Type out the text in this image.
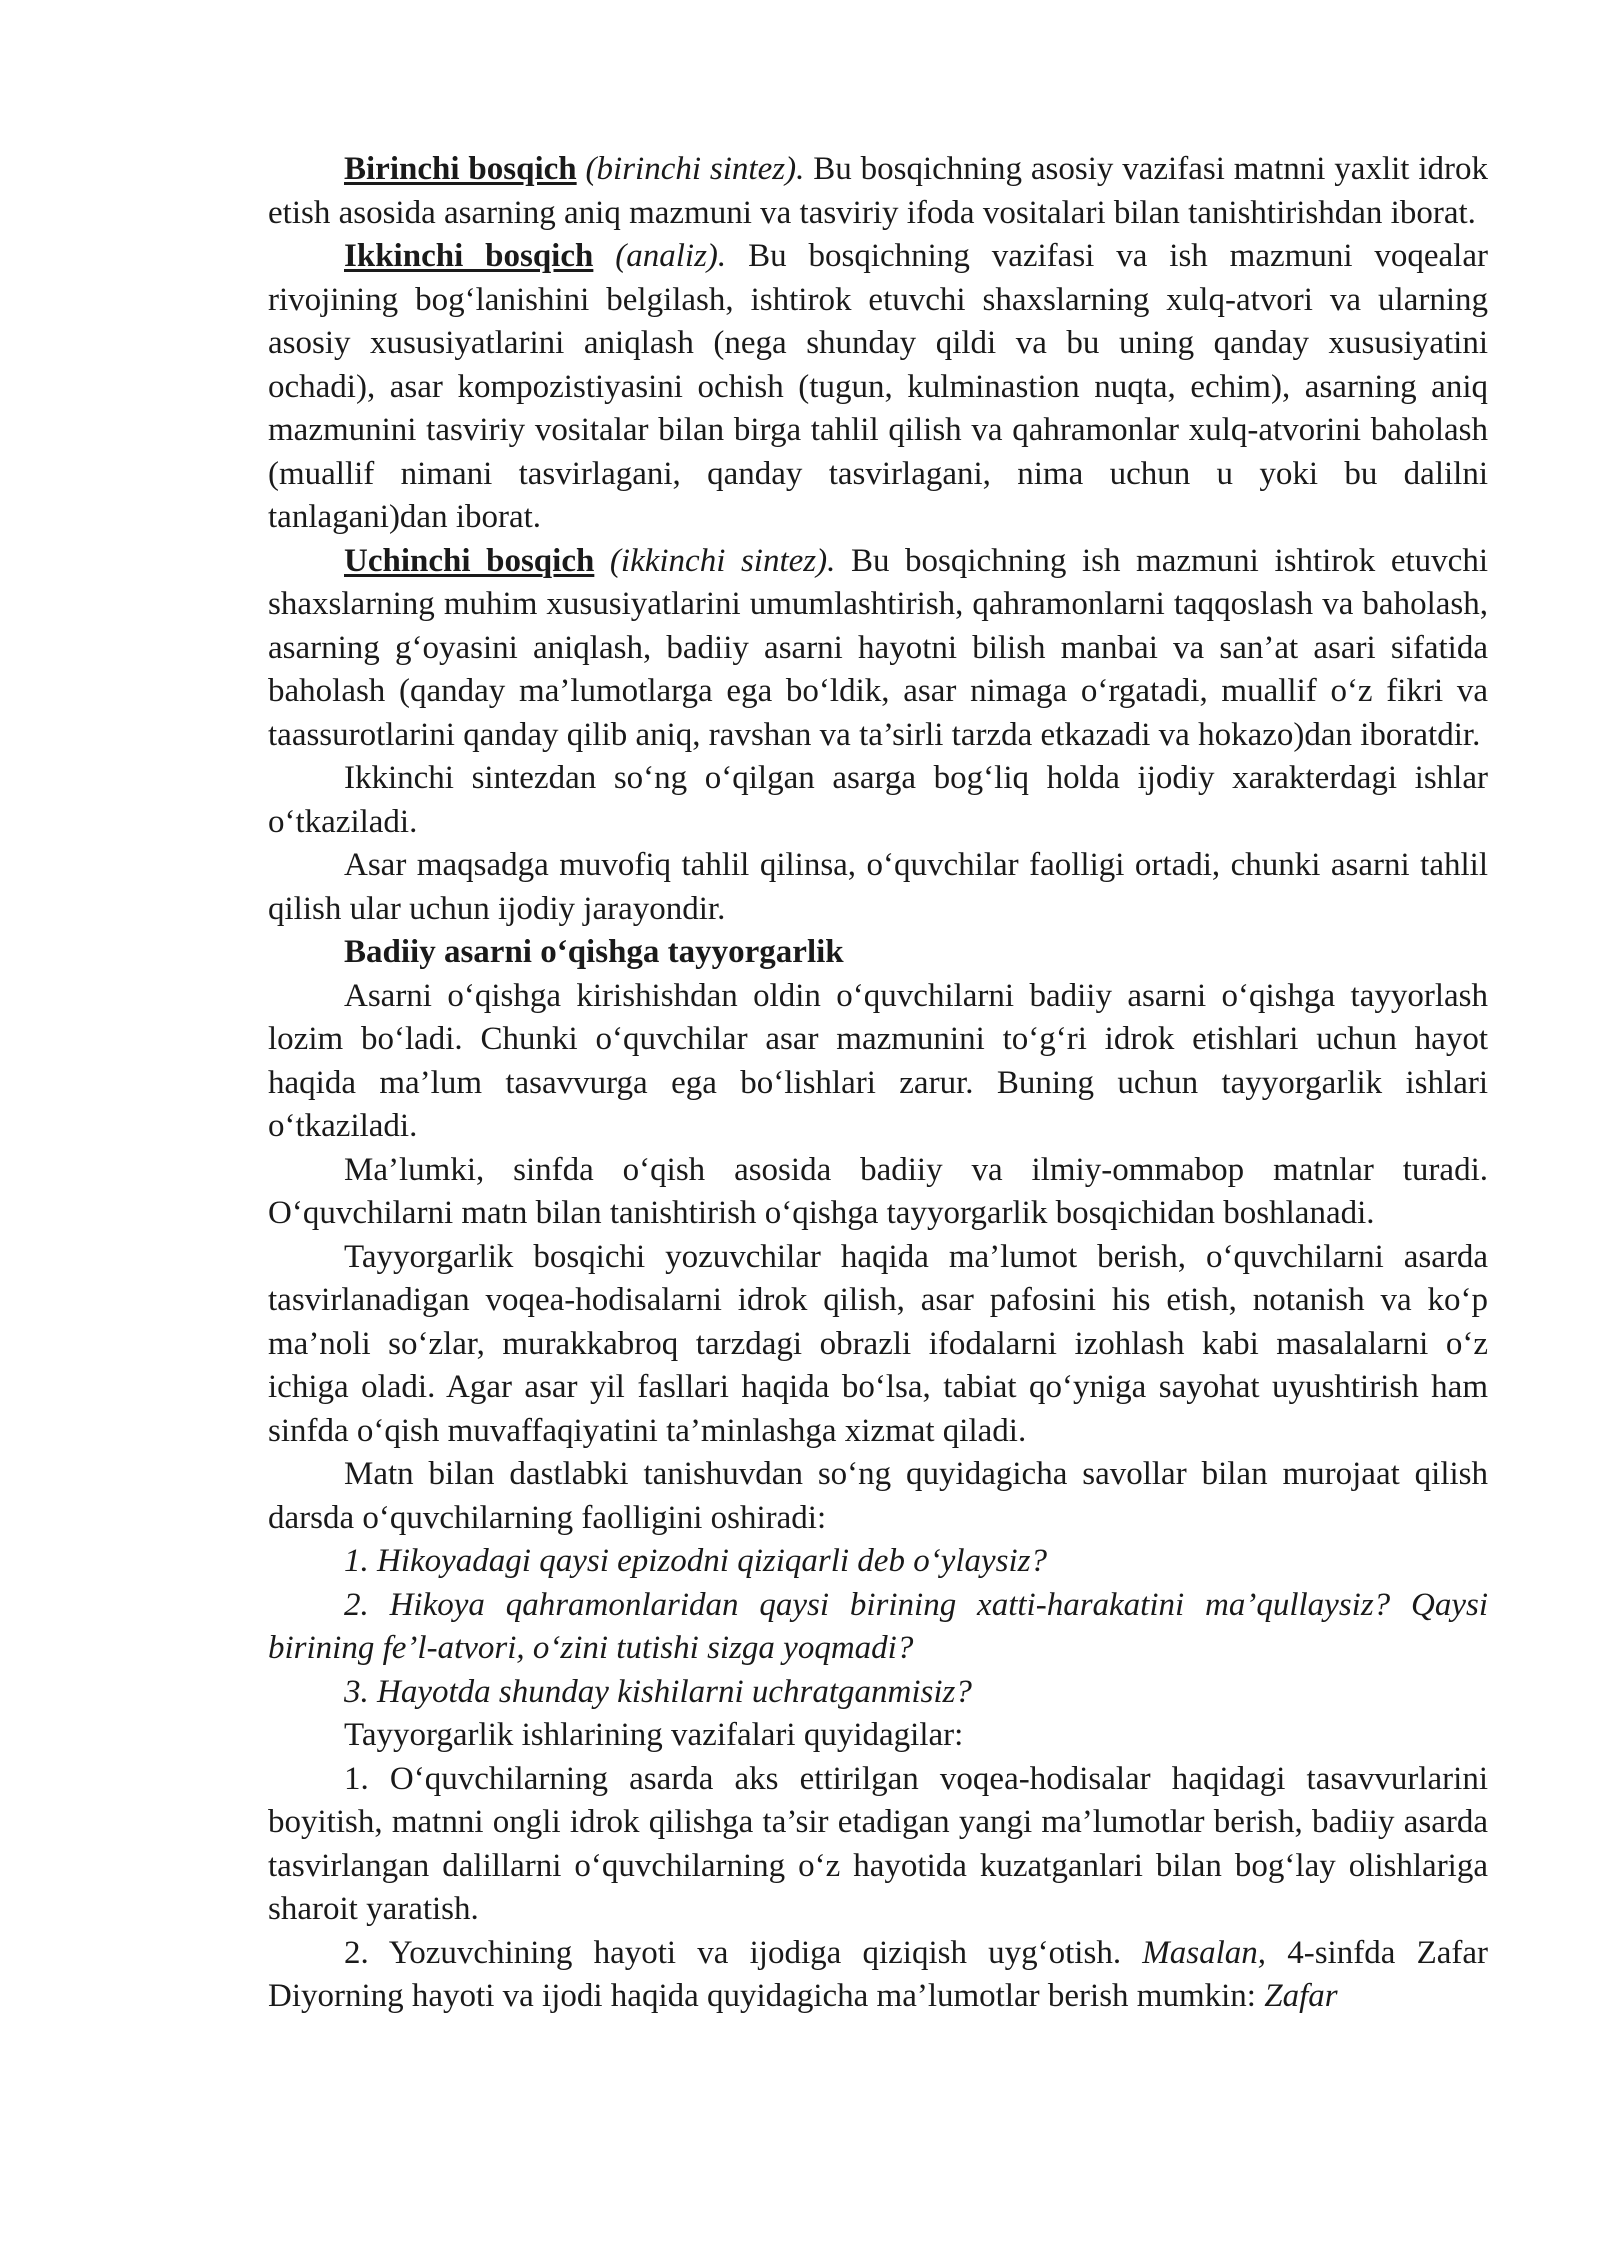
Birinchi bosqich (birinchi sintez). Bu bosqichning asosiy vazifasi matnni yaxlit idrok etish asosida asarning aniq mazmuni va tasviriy ifoda vositalari bilan tanishtirishdan iborat.

Ikkinchi bosqich (analiz). Bu bosqichning vazifasi va ish mazmuni voqealar rivojining bog‘lanishini belgilash, ishtirok etuvchi shaxslarning xulq-atvori va ularning asosiy xususiyatlarini aniqlash (nega shunday qildi va bu uning qanday xususiyatini ochadi), asar kompozistiyasini ochish (tugun, kulminastion nuqta, echim), asarning aniq mazmunini tasviriy vositalar bilan birga tahlil qilish va qahramonlar xulq-atvorini baholash (muallif nimani tasvirlagani, qanday tasvirlagani, nima uchun u yoki bu dalilni tanlagani)dan iborat.

Uchinchi bosqich (ikkinchi sintez). Bu bosqichning ish mazmuni ishtirok etuvchi shaxslarning muhim xususiyatlarini umumlashtirish, qahramonlarni taqqoslash va baholash, asarning g‘oyasini aniqlash, badiiy asarni hayotni bilish manbai va san’at asari sifatida baholash (qanday ma’lumotlarga ega bo‘ldik, asar nimaga o‘rgatadi, muallif o‘z fikri va taassurotlarini qanday qilib aniq, ravshan va ta’sirli tarzda etkazadi va hokazo)dan iboratdir.

Ikkinchi sintezdan so‘ng o‘qilgan asarga bog‘liq holda ijodiy xarakterdagi ishlar o‘tkaziladi.

Asar maqsadga muvofiq tahlil qilinsa, o‘quvchilar faolligi ortadi, chunki asarni tahlil qilish ular uchun ijodiy jarayondir.

Badiiy asarni o‘qishga tayyorgarlik

Asarni o‘qishga kirishishdan oldin o‘quvchilarni badiiy asarni o‘qishga tayyorlash lozim bo‘ladi. Chunki o‘quvchilar asar mazmunini to‘g‘ri idrok etishlari uchun hayot haqida ma’lum tasavvurga ega bo‘lishlari zarur. Buning uchun tayyorgarlik ishlari o‘tkaziladi.

Ma’lumki, sinfda o‘qish asosida badiiy va ilmiy-ommabop matnlar turadi. O‘quvchilarni matn bilan tanishtirish o‘qishga tayyorgarlik bosqichidan boshlanadi.

Tayyorgarlik bosqichi yozuvchilar haqida ma’lumot berish, o‘quvchilarni asarda tasvirlanadigan voqea-hodisalarni idrok qilish, asar pafosini his etish, notanish va ko‘p ma’noli so‘zlar, murakkabroq tarzdagi obrazli ifodalarni izohlash kabi masalalarni o‘z ichiga oladi. Agar asar yil fasllari haqida bo‘lsa, tabiat qo‘yniga sayohat uyushtirish ham sinfda o‘qish muvaffaqiyatini ta’minlashga xizmat qiladi.

Matn bilan dastlabki tanishuvdan so‘ng quyidagicha savollar bilan murojaat qilish darsda o‘quvchilarning faolligini oshiradi:

1. Hikoyadagi qaysi epizodni qiziqarli deb o‘ylaysiz?

2. Hikoya qahramonlaridan qaysi birining xatti-harakatini ma’qullaysiz? Qaysi birining fe’l-atvori, o‘zini tutishi sizga yoqmadi?

3. Hayotda shunday kishilarni uchratganmisiz?

Tayyorgarlik ishlarining vazifalari quyidagilar:

1. O‘quvchilarning asarda aks ettirilgan voqea-hodisalar haqidagi tasavvurlarini boyitish, matnni ongli idrok qilishga ta’sir etadigan yangi ma’lumotlar berish, badiiy asarda tasvirlangan dalillarni o‘quvchilarning o‘z hayotida kuzatganlari bilan bog‘lay olishlariga sharoit yaratish.

2. Yozuvchining hayoti va ijodiga qiziqish uyg‘otish. Masalan, 4-sinfda Zafar Diyorning hayoti va ijodi haqida quyidagicha ma’lumotlar berish mumkin: Zafar
